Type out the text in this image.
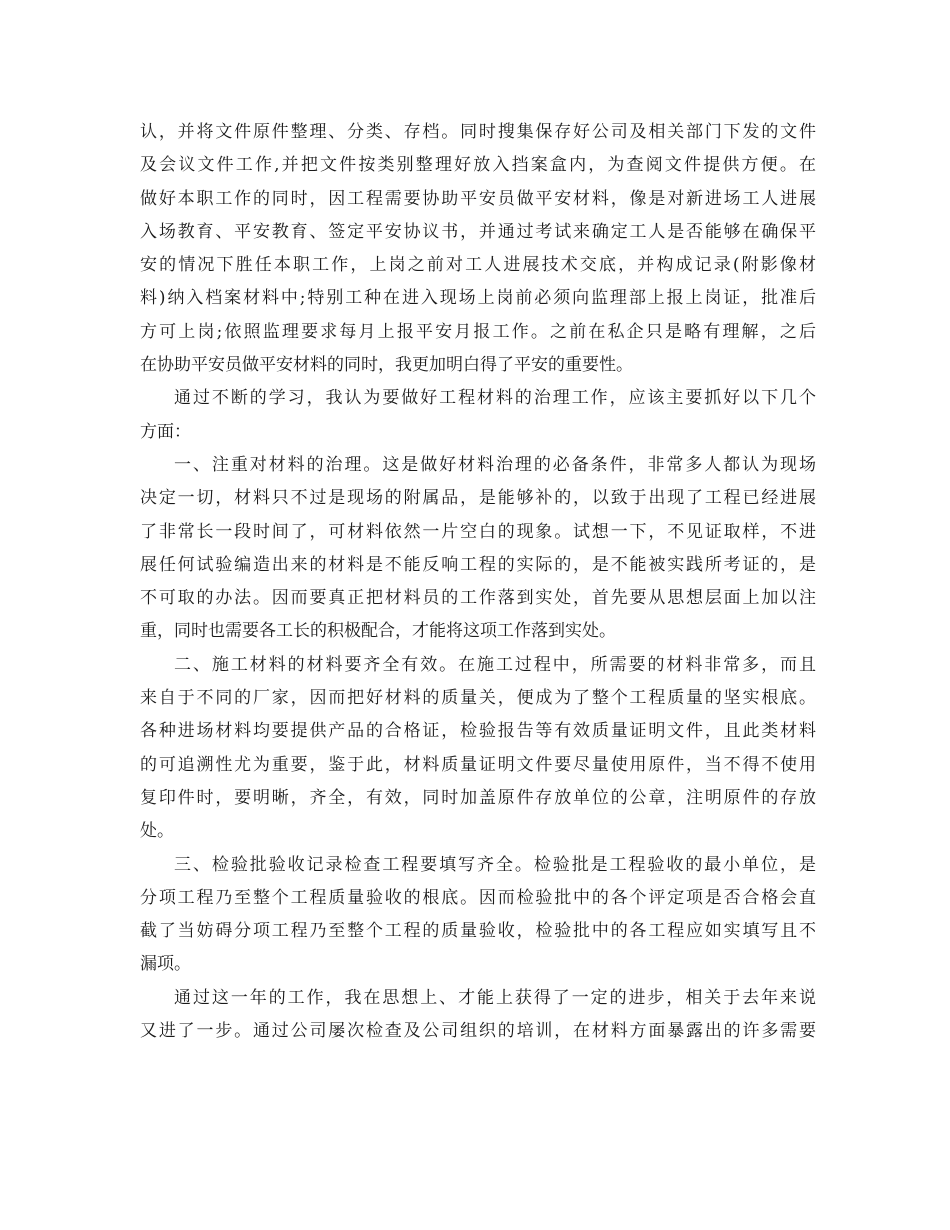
认，并将文件原件整理、分类、存档。同时搜集保存好公司及相关部门下发的文件
及会议文件工作,并把文件按类别整理好放入挡案盒内，为查阅文件提供方便。在
做好本职工作的同时，因工程需要协助平安员做平安材料，像是对新进场工人进展
入场教育、平安教育、签定平安协议书，并通过考试来确定工人是否能够在确保平
安的情况下胜任本职工作，上岗之前对工人进展技术交底，并构成记录(附影像材
料)纳入档案材料中;特别工种在进入现场上岗前必须向监理部上报上岗证，批准后
方可上岗;依照监理要求每月上报平安月报工作。之前在私企只是略有理解，之后
在协助平安员做平安材料的同时，我更加明白得了平安的重要性。
通过不断的学习，我认为要做好工程材料的治理工作，应该主要抓好以下几个
方面：
一、注重对材料的治理。这是做好材料治理的必备条件，非常多人都认为现场
决定一切，材料只不过是现场的附属品，是能够补的，以致于出现了工程已经进展
了非常长一段时间了，可材料依然一片空白的现象。试想一下，不见证取样，不进
展任何试验编造出来的材料是不能反响工程的实际的，是不能被实践所考证的，是
不可取的办法。因而要真正把材料员的工作落到实处，首先要从思想层面上加以注
重，同时也需要各工长的积极配合，才能将这项工作落到实处。
二、施工材料的材料要齐全有效。在施工过程中，所需要的材料非常多，而且
来自于不同的厂家，因而把好材料的质量关，便成为了整个工程质量的坚实根底。
各种进场材料均要提供产品的合格证，检验报告等有效质量证明文件，且此类材料
的可追溯性尤为重要，鉴于此，材料质量证明文件要尽量使用原件，当不得不使用
复印件时，要明晰，齐全，有效，同时加盖原件存放单位的公章，注明原件的存放
处。
三、检验批验收记录检查工程要填写齐全。检验批是工程验收的最小单位，是
分项工程乃至整个工程质量验收的根底。因而检验批中的各个评定项是否合格会直
截了当妨碍分项工程乃至整个工程的质量验收，检验批中的各工程应如实填写且不
漏项。
通过这一年的工作，我在思想上、才能上获得了一定的进步，相关于去年来说
又进了一步。通过公司屡次检查及公司组织的培训，在材料方面暴露出的许多需要
